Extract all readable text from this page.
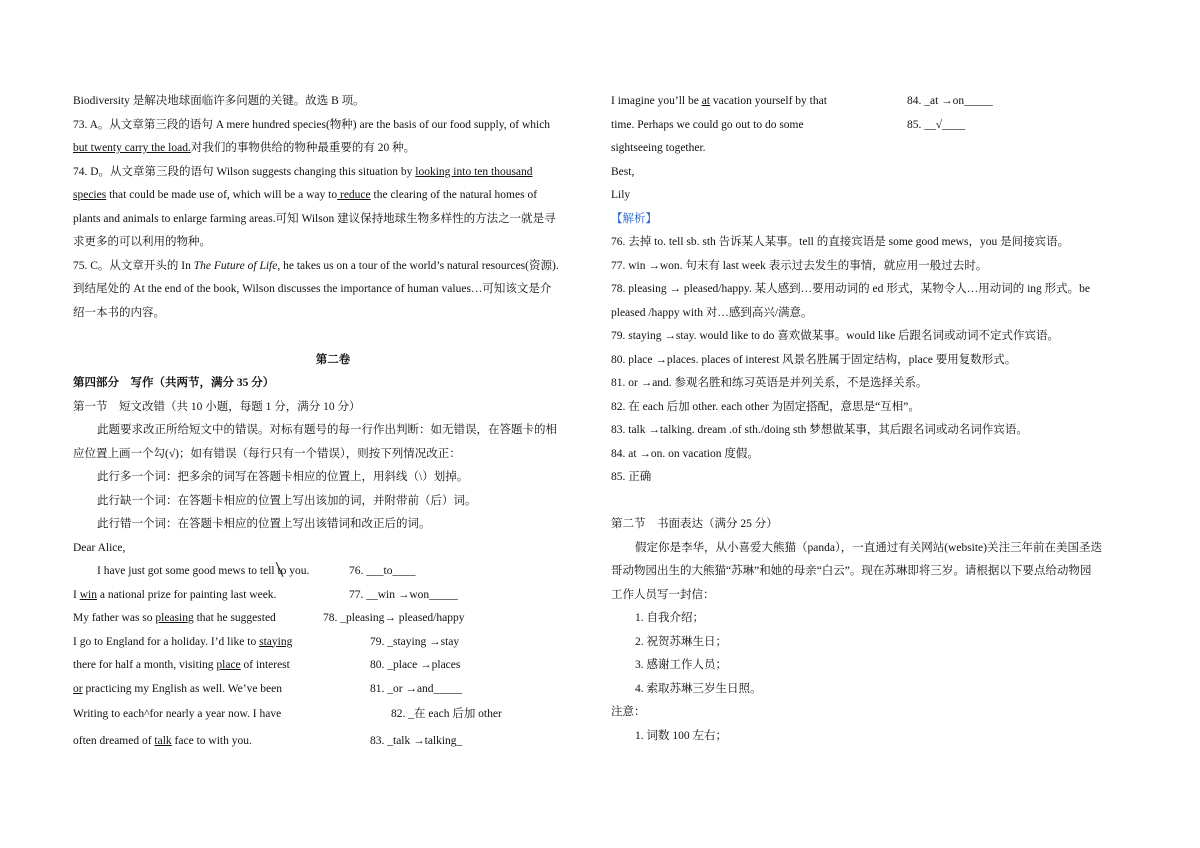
Biodiversity 是解决地球面临许多问题的关键。故选 B 项。

73. A。从文章第三段的语句 A mere hundred species(物种) are the basis of our food supply, of which

but twenty carry the load.对我们的事物供给的物种最重要的有 20 种。

74. D。从文章第三段的语句 Wilson suggests changing this situation by looking into ten thousand

species that could be made use of, which will be a way to reduce the clearing of the natural homes of

plants and animals to enlarge farming areas.可知 Wilson 建议保持地球生物多样性的方法之一就是寻

求更多的可以利用的物种。

75. C。从文章开头的 In The Future of Life, he takes us on a tour of the world’s natural resources(资源).

到结尾处的 At the end of the book, Wilson discusses the importance of human values…可知该文是介

绍一本书的内容。

第二卷

第四部分　写作（共两节，满分 35 分）

第一节　短文改错（共 10 小题，每题 1 分，满分 10 分）

此题要求改正所给短文中的错误。对标有题号的每一行作出判断：如无错误，在答题卡的相

应位置上画一个勾(√)；如有错误（每行只有一个错误），则按下列情况改正：

此行多一个词：把多余的词写在答题卡相应的位置上，用斜线（\）划掉。

此行缺一个词：在答题卡相应的位置上写出该加的词，并附带前（后）词。

此行错一个词：在答题卡相应的位置上写出该错词和改正后的词。

Dear Alice,

I have just got some good mews to tell to you.	76. ___to____
I win a national prize for painting last week.	77. __win →won_____
My father was so pleasing that he suggested	78. _pleasing→ pleased/happy
I go to England for a holiday. I’d like to staying	79. _staying →stay
there for half a month, visiting place of interest	80. _place →places
or practicing my English as well. We’ve been	81. _or →and_____
Writing to each^for nearly a year now. I have	82. _在 each 后加 other
often dreamed of talk face to with you.	83. _talk →talking_
I imagine you’ll be at vacation yourself by that	84. _at →on_____
time. Perhaps we could go out to do some	85. __√____

sightseeing together.

Best,

Lily

【解析】

76. 去掉 to. tell sb. sth 告诉某人某事。tell 的直接宾语是 some good mews，you 是间接宾语。

77. win →won. 句末有 last week 表示过去发生的事情，就应用一般过去时。

78. pleasing → pleased/happy. 某人感到…要用动词的 ed 形式，某物令人…用动词的 ing 形式。be

pleased /happy with 对…感到高兴/满意。

79. staying →stay. would like to do 喜欢做某事。would like 后跟名词或动词不定式作宾语。

80. place →places. places of interest 风景名胜属于固定结构，place 要用复数形式。

81. or →and. 参观名胜和练习英语是并列关系，不是选择关系。

82. 在 each 后加 other. each other 为固定搭配，意思是“互相”。

83. talk →talking. dream .of sth./doing sth 梦想做某事，其后跟名词或动名词作宾语。

84. at →on. on vacation 度假。

85. 正确

第二节　书面表达（满分 25 分）

假定你是李华，从小喜爱大熊猫（panda），一直通过有关网站(website)关注三年前在美国圣迭

哥动物园出生的大熊猫“苏琳”和她的母亲“白云”。现在苏琳即将三岁。请根据以下要点给动物园

工作人员写一封信：

1. 自我介绍；

2. 祝贺苏琳生日；

3. 感谢工作人员；

4. 索取苏琳三岁生日照。

注意：

1. 词数 100 左右；
